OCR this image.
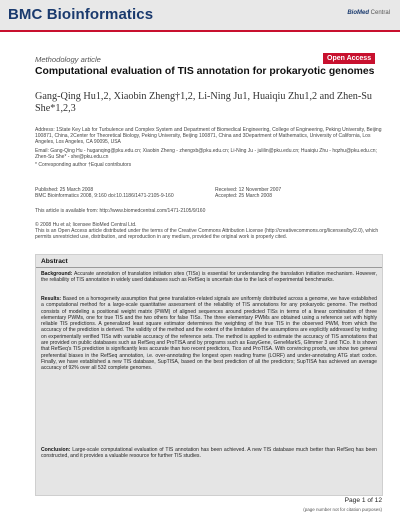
BMC Bioinformatics	BioMed Central
Methodology article	Open Access
Computational evaluation of TIS annotation for prokaryotic genomes
Gang-Qing Hu1,2, Xiaobin Zheng†1,2, Li-Ning Ju1, Huaiqiu Zhu1,2 and Zhen-Su She*1,2,3
Address: 1State Key Lab for Turbulence and Complex System and Department of Biomedical Engineering, College of Engineering, Peking University, Beijing 100871, China, 2Center for Theoretical Biology, Peking University, Beijing 100871, China and 3Department of Mathematics, University of California, Los Angeles, Los Angeles, CA 90095, USA
Email: Gang-Qing Hu - huganqing@pku.edu.cn; Xiaobin Zheng - zhengxb@pku.edu.cn; Li-Ning Ju - julilin@pku.edu.cn; Huaiqiu Zhu - hqzhu@pku.edu.cn; Zhen-Su She* - she@pku.edu.cn
* Corresponding author †Equal contributors
Published: 25 March 2008
BMC Bioinformatics 2008, 9:160 doi:10.1186/1471-2105-9-160
Received: 12 November 2007
Accepted: 25 March 2008
This article is available from: http://www.biomedcentral.com/1471-2105/9/160
© 2008 Hu et al; licensee BioMed Central Ltd.
This is an Open Access article distributed under the terms of the Creative Commons Attribution License (http://creativecommons.org/licenses/by/2.0), which permits unrestricted use, distribution, and reproduction in any medium, provided the original work is properly cited.
Abstract
Background: Accurate annotation of translation initiation sites (TISs) is essential for understanding the translation initiation mechanism. However, the reliability of TIS annotation in widely used databases such as RefSeq is uncertain due to the lack of experimental benchmarks.
Results: Based on a homogeneity assumption that gene translation-related signals are uniformly distributed across a genome, we have established a computational method for a large-scale quantitative assessment of the reliability of TIS annotations for any prokaryotic genome. The method consists of modeling a positional weight matrix (PWM) of aligned sequences around predicted TISs in terms of a linear combination of three elementary PWMs, one for true TIS and the two others for false TISs. The three elementary PWMs are obtained using a reference set with highly reliable TIS predictions. A generalized least square estimator determines the weighting of the true TIS in the observed PWM, from which the accuracy of the prediction is derived. The validity of the method and the extent of the limitation of the assumptions are explicitly addressed by testing on experimentally verified TISs with variable accuracy of the reference sets. The method is applied to estimate the accuracy of TIS annotations that are provided on public databases such as RefSeq and ProTISA and by programs such as EasyGene, GeneMarkS, Glimmer 3 and TiCo. It is shown that RefSeq's TIS prediction is significantly less accurate than two recent predictors, Tico and ProTISA. With convincing proofs, we show two general preferential biases in the RefSeq annotation, i.e. over-annotating the longest open reading frame (LORF) and under-annotating ATG start codon. Finally, we have established a new TIS database, SupTISA, based on the best prediction of all the predictors; SupTISA has achieved an average accuracy of 92% over all 532 complete genomes.
Conclusion: Large-scale computational evaluation of TIS annotation has been achieved. A new TIS database much better than RefSeq has been constructed, and it provides a valuable resource for further TIS studies.
Page 1 of 12
(page number not for citation purposes)
